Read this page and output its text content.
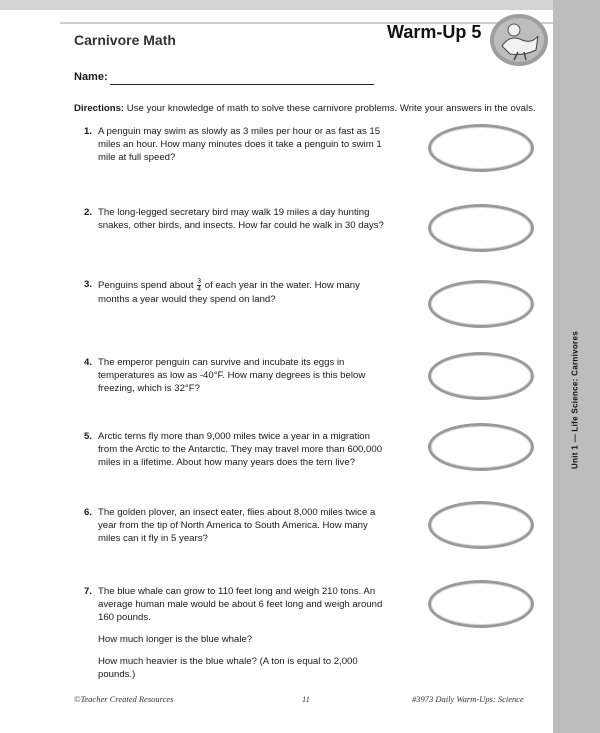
Unit 1 — Life Science: Carnivores
Carnivore Math	Warm-Up 5
Name:
Directions: Use your knowledge of math to solve these carnivore problems. Write your answers in the ovals.
1. A penguin may swim as slowly as 3 miles per hour or as fast as 15 miles an hour. How many minutes does it take a penguin to swim 1 mile at full speed?
2. The long-legged secretary bird may walk 19 miles a day hunting snakes, other birds, and insects. How far could he walk in 30 days?
3. Penguins spend about $\frac{3}{4}$ of each year in the water. How many months a year would they spend on land?
4. The emperor penguin can survive and incubate its eggs in temperatures as low as -40°F. How many degrees is this below freezing, which is 32°F?
5. Arctic terns fly more than 9,000 miles twice a year in a migration from the Arctic to the Antarctic. They may travel more than 600,000 miles in a lifetime. About how many years does the tern live?
6. The golden plover, an insect eater, flies about 8,000 miles twice a year from the tip of North America to South America. How many miles can it fly in 5 years?
7. The blue whale can grow to 110 feet long and weigh 210 tons. An average human male would be about 6 feet long and weigh around 160 pounds.
How much longer is the blue whale?
How much heavier is the blue whale? (A ton is equal to 2,000 pounds.)
©Teacher Created Resources	11	#3973 Daily Warm-Ups: Science
